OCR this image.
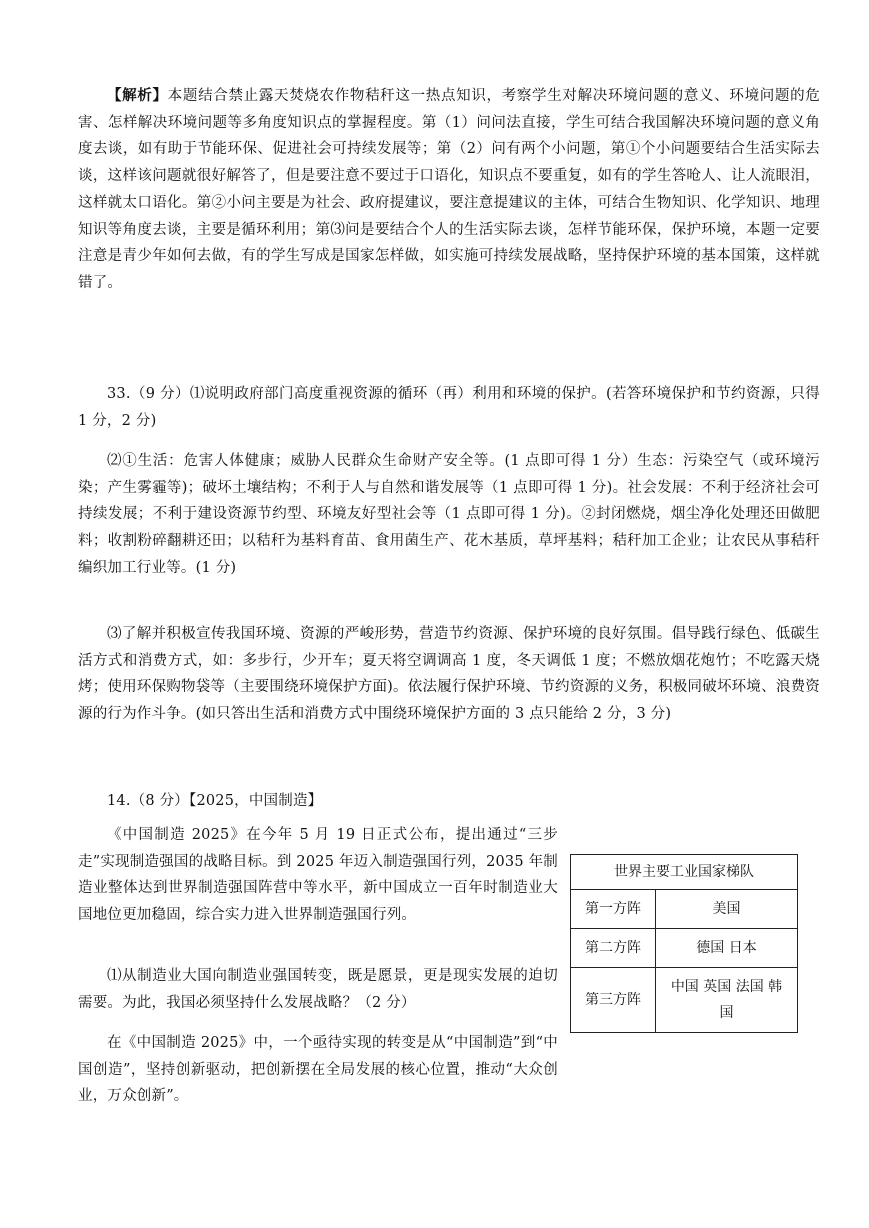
【解析】本题结合禁止露天焚烧农作物秸秆这一热点知识，考察学生对解决环境问题的意义、环境问题的危害、怎样解决环境问题等多角度知识点的掌握程度。第（1）问问法直接，学生可结合我国解决环境问题的意义角度去谈，如有助于节能环保、促进社会可持续发展等；第（2）问有两个小问题，第①个小问题要结合生活实际去谈，这样该问题就很好解答了，但是要注意不要过于口语化，知识点不要重复，如有的学生答呛人、让人流眼泪，这样就太口语化。第②小问主要是为社会、政府提建议，要注意提建议的主体，可结合生物知识、化学知识、地理知识等角度去谈，主要是循环利用；第⑶问是要结合个人的生活实际去谈，怎样节能环保，保护环境，本题一定要注意是青少年如何去做，有的学生写成是国家怎样做，如实施可持续发展战略，坚持保护环境的基本国策，这样就错了。

33.（9 分）⑴说明政府部门高度重视资源的循环（再）利用和环境的保护。(若答环境保护和节约资源，只得 1 分，2 分)

⑵①生活：危害人体健康；威胁人民群众生命财产安全等。(1 点即可得 1 分）生态：污染空气（或环境污染；产生雾霾等)；破坏土壤结构；不利于人与自然和谐发展等（1 点即可得 1 分)。社会发展：不利于经济社会可持续发展；不利于建设资源节约型、环境友好型社会等（1 点即可得 1 分)。②封闭燃烧，烟尘净化处理还田做肥料；收割粉碎翻耕还田；以秸秆为基料育苗、食用菌生产、花木基质，草坪基料；秸秆加工企业；让农民从事秸秆编织加工行业等。(1 分)

⑶了解并积极宣传我国环境、资源的严峻形势，营造节约资源、保护环境的良好氛围。倡导践行绿色、低碳生活方式和消费方式，如：多步行，少开车；夏天将空调调高 1 度，冬天调低 1 度；不燃放烟花炮竹；不吃露天烧烤；使用环保购物袋等（主要围绕环境保护方面)。依法履行保护环境、节约资源的义务，积极同破坏环境、浪费资源的行为作斗争。(如只答出生活和消费方式中围绕环境保护方面的 3 点只能给 2 分，3 分)

14.（8 分）【2025，中国制造】

《中国制造 2025》在今年 5 月 19 日正式公布，提出通过“三步走”实现制造强国的战略目标。到 2025 年迈入制造强国行列，2035 年制造业整体达到世界制造强国阵营中等水平，新中国成立一百年时制造业大国地位更加稳固，综合实力进入世界制造强国行列。

⑴从制造业大国向制造业强国转变，既是愿景，更是现实发展的迫切需要。为此，我国必须坚持什么发展战略？（2 分）

在《中国制造 2025》中，一个亟待实现的转变是从“中国制造”到“中国创造”，坚持创新驱动，把创新摆在全局发展的核心位置，推动“大众创业，万众创新”。

世界主要工业国家梯队	
第一方阵	美国
第二方阵	德国 日本
第三方阵	中国 英国 法国 韩国
